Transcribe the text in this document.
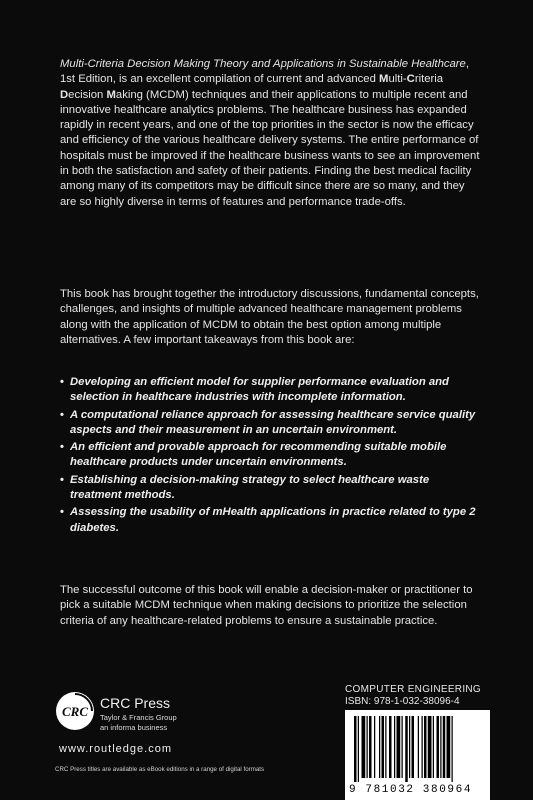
Multi-Criteria Decision Making Theory and Applications in Sustainable Healthcare, 1st Edition, is an excellent compilation of current and advanced Multi-Criteria Decision Making (MCDM) techniques and their applications to multiple recent and innovative healthcare analytics problems. The healthcare business has expanded rapidly in recent years, and one of the top priorities in the sector is now the efficacy and efficiency of the various healthcare delivery systems. The entire performance of hospitals must be improved if the healthcare business wants to see an improvement in both the satisfaction and safety of their patients. Finding the best medical facility among many of its competitors may be difficult since there are so many, and they are so highly diverse in terms of features and performance trade-offs.
This book has brought together the introductory discussions, fundamental concepts, challenges, and insights of multiple advanced healthcare management problems along with the application of MCDM to obtain the best option among multiple alternatives. A few important takeaways from this book are:
• Developing an efficient model for supplier performance evaluation and selection in healthcare industries with incomplete information.
• A computational reliance approach for assessing healthcare service quality aspects and their measurement in an uncertain environment.
• An efficient and provable approach for recommending suitable mobile healthcare products under uncertain environments.
• Establishing a decision-making strategy to select healthcare waste treatment methods.
• Assessing the usability of mHealth applications in practice related to type 2 diabetes.
The successful outcome of this book will enable a decision-maker or practitioner to pick a suitable MCDM technique when making decisions to prioritize the selection criteria of any healthcare-related problems to ensure a sustainable practice.
CRC
CRC Press
Taylor & Francis Group
an informa business
www.routledge.com
CRC Press titles are available as eBook editions in a range of digital formats
COMPUTER ENGINEERING
ISBN: 978-1-032-38096-4
9 781032 380964
